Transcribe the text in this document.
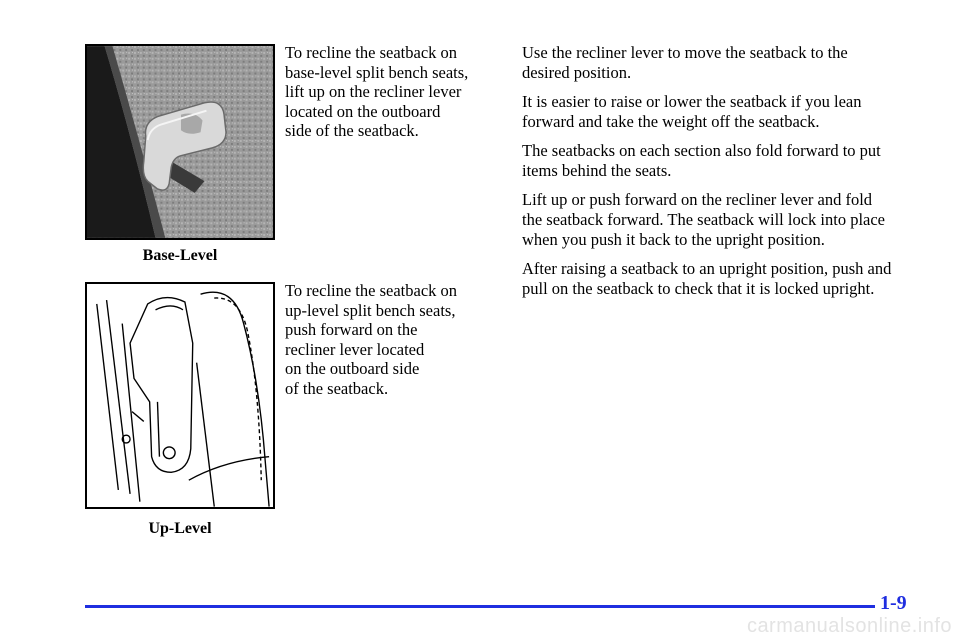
Base-Level

To recline the seatback on
base-level split bench seats,
lift up on the recliner lever
located on the outboard
side of the seatback.

Up-Level

To recline the seatback on
up-level split bench seats,
push forward on the
recliner lever located
on the outboard side
of the seatback.

Use the recliner lever to move the seatback to the
desired position.

It is easier to raise or lower the seatback if you lean
forward and take the weight off the seatback.

The seatbacks on each section also fold forward to put
items behind the seats.

Lift up or push forward on the recliner lever and fold
the seatback forward. The seatback will lock into place
when you push it back to the upright position.

After raising a seatback to an upright position, push and
pull on the seatback to check that it is locked upright.

1-9
carmanualsonline.info
